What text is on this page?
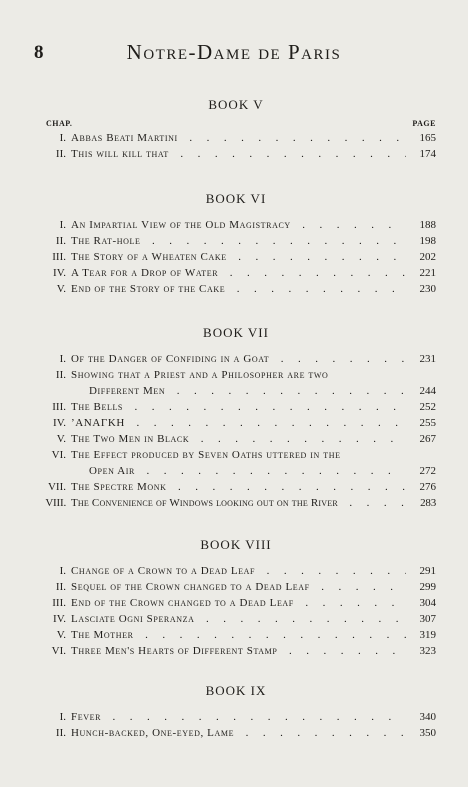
8	Notre-Dame de Paris
BOOK V
CHAP.	PAGE
I. Abbas Beati Martini . .	165
II. This will kill that . .	174
BOOK VI
I. An Impartial View of the Old Magistracy . .	188
II. The Rat-hole . .	198
III. The Story of a Wheaten Cake . .	202
IV. A Tear for a Drop of Water . .	221
V. End of the Story of the Cake . .	230
BOOK VII
I. Of the Danger of Confiding in a Goat . .	231
II. Showing that a Priest and a Philosopher are two
Different Men . .	244
III. The Bells . .	252
IV. ʼΑΝΑΓΚΗ . .	255
V. The Two Men in Black . .	267
VI. The Effect produced by Seven Oaths uttered in the
Open Air . .	272
VII. The Spectre Monk . .	276
VIII. The Convenience of Windows looking out on the River . .	283
BOOK VIII
I. Change of a Crown to a Dead Leaf . .	291
II. Sequel of the Crown changed to a Dead Leaf . .	299
III. End of the Crown changed to a Dead Leaf . .	304
IV. Lasciate Ogni Speranza . .	307
V. The Mother . .	319
VI. Three Men's Hearts of Different Stamp . .	323
BOOK IX
I. Fever . .	340
II. Hunch-backed, One-eyed, Lame . .	350
